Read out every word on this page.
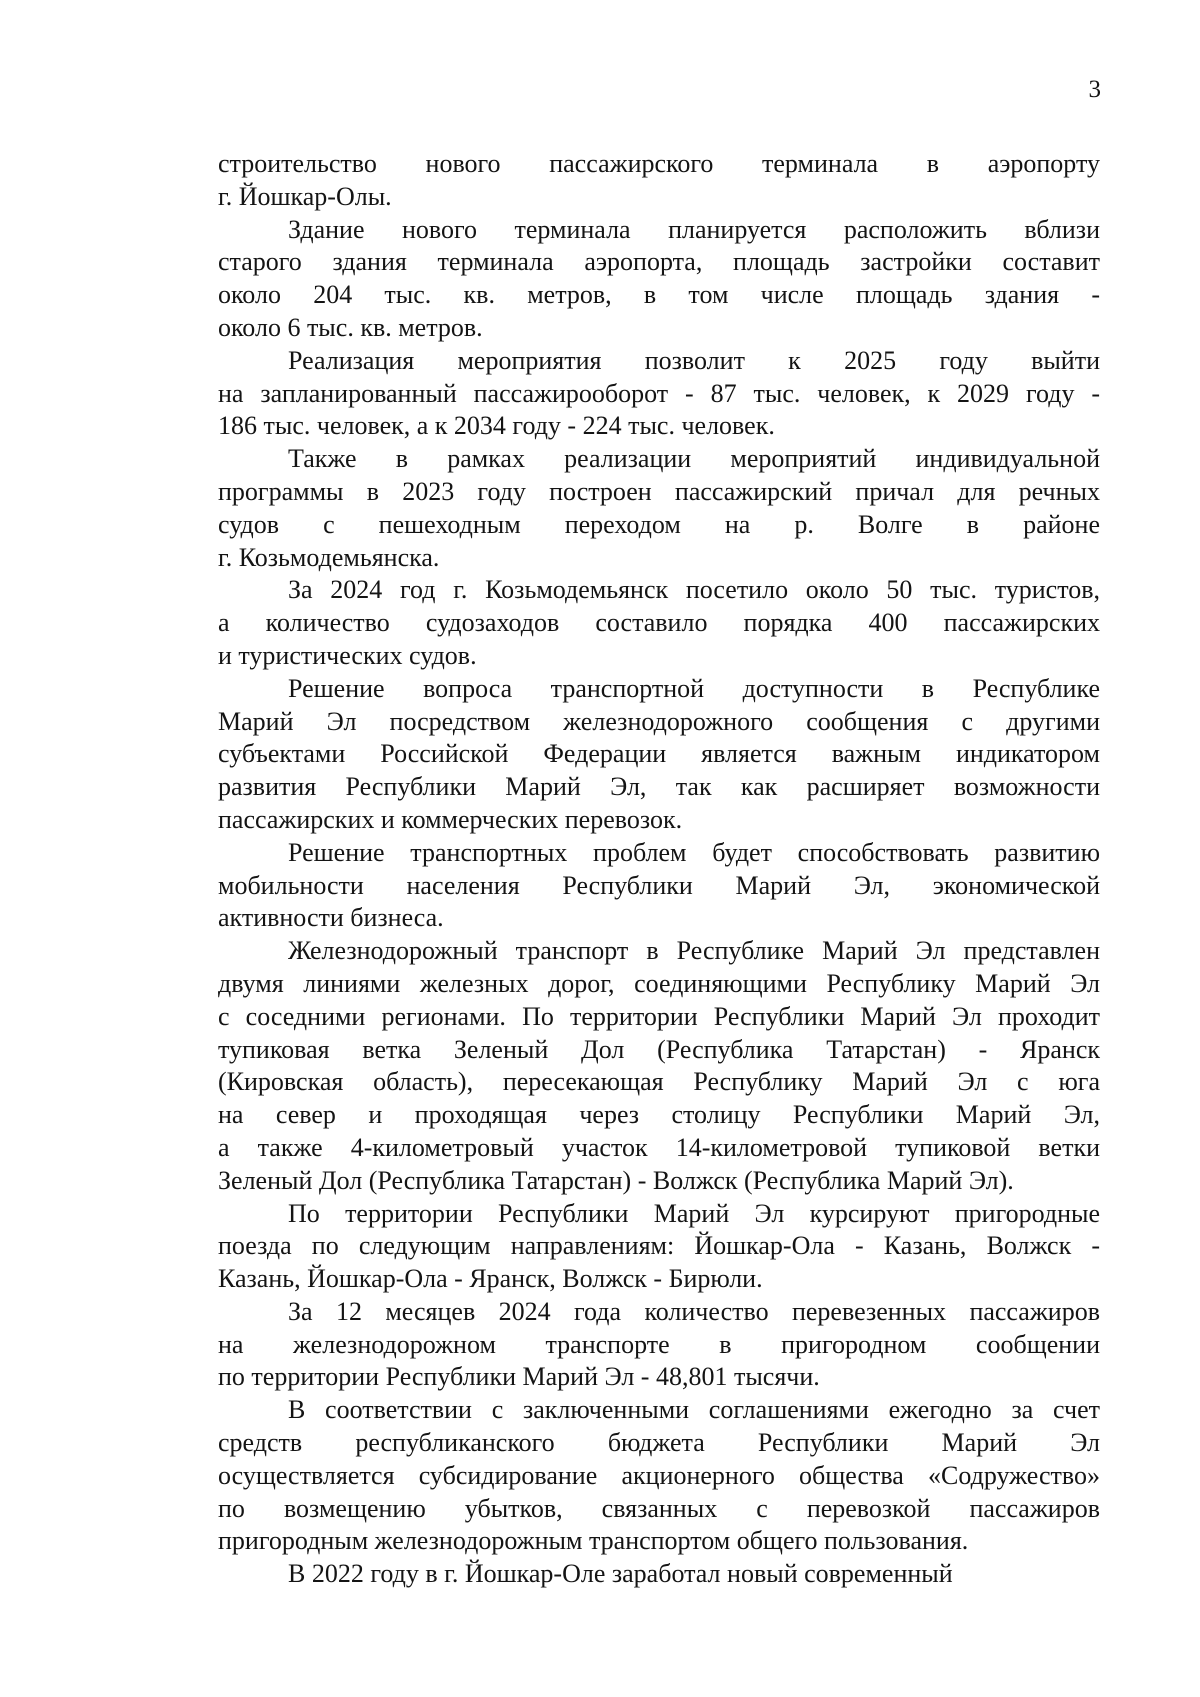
3
строительство нового пассажирского терминала в аэропорту
г. Йошкар-Олы.
Здание нового терминала планируется расположить вблизи
старого здания терминала аэропорта, площадь застройки составит
около 204 тыс. кв. метров, в том числе площадь здания -
около 6 тыс. кв. метров.
Реализация мероприятия позволит к 2025 году выйти
на запланированный пассажирооборот - 87 тыс. человек, к 2029 году -
186 тыс. человек, а к 2034 году - 224 тыс. человек.
Также в рамках реализации мероприятий индивидуальной
программы в 2023 году построен пассажирский причал для речных
судов с пешеходным переходом на р. Волге в районе
г. Козьмодемьянска.
За 2024 год г. Козьмодемьянск посетило около 50 тыс. туристов,
а количество судозаходов составило порядка 400 пассажирских
и туристических судов.
Решение вопроса транспортной доступности в Республике
Марий Эл посредством железнодорожного сообщения с другими
субъектами Российской Федерации является важным индикатором
развития Республики Марий Эл, так как расширяет возможности
пассажирских и коммерческих перевозок.
Решение транспортных проблем будет способствовать развитию
мобильности населения Республики Марий Эл, экономической
активности бизнеса.
Железнодорожный транспорт в Республике Марий Эл представлен
двумя линиями железных дорог, соединяющими Республику Марий Эл
с соседними регионами. По территории Республики Марий Эл проходит
тупиковая ветка Зеленый Дол (Республика Татарстан) - Яранск
(Кировская область), пересекающая Республику Марий Эл с юга
на север и проходящая через столицу Республики Марий Эл,
а также 4-километровый участок 14-километровой тупиковой ветки
Зеленый Дол (Республика Татарстан) - Волжск (Республика Марий Эл).
По территории Республики Марий Эл курсируют пригородные
поезда по следующим направлениям: Йошкар-Ола - Казань, Волжск -
Казань, Йошкар-Ола - Яранск, Волжск - Бирюли.
За 12 месяцев 2024 года количество перевезенных пассажиров
на железнодорожном транспорте в пригородном сообщении
по территории Республики Марий Эл - 48,801 тысячи.
В соответствии с заключенными соглашениями ежегодно за счет
средств республиканского бюджета Республики Марий Эл
осуществляется субсидирование акционерного общества «Содружество»
по возмещению убытков, связанных с перевозкой пассажиров
пригородным железнодорожным транспортом общего пользования.
В 2022 году в г. Йошкар-Оле заработал новый современный
